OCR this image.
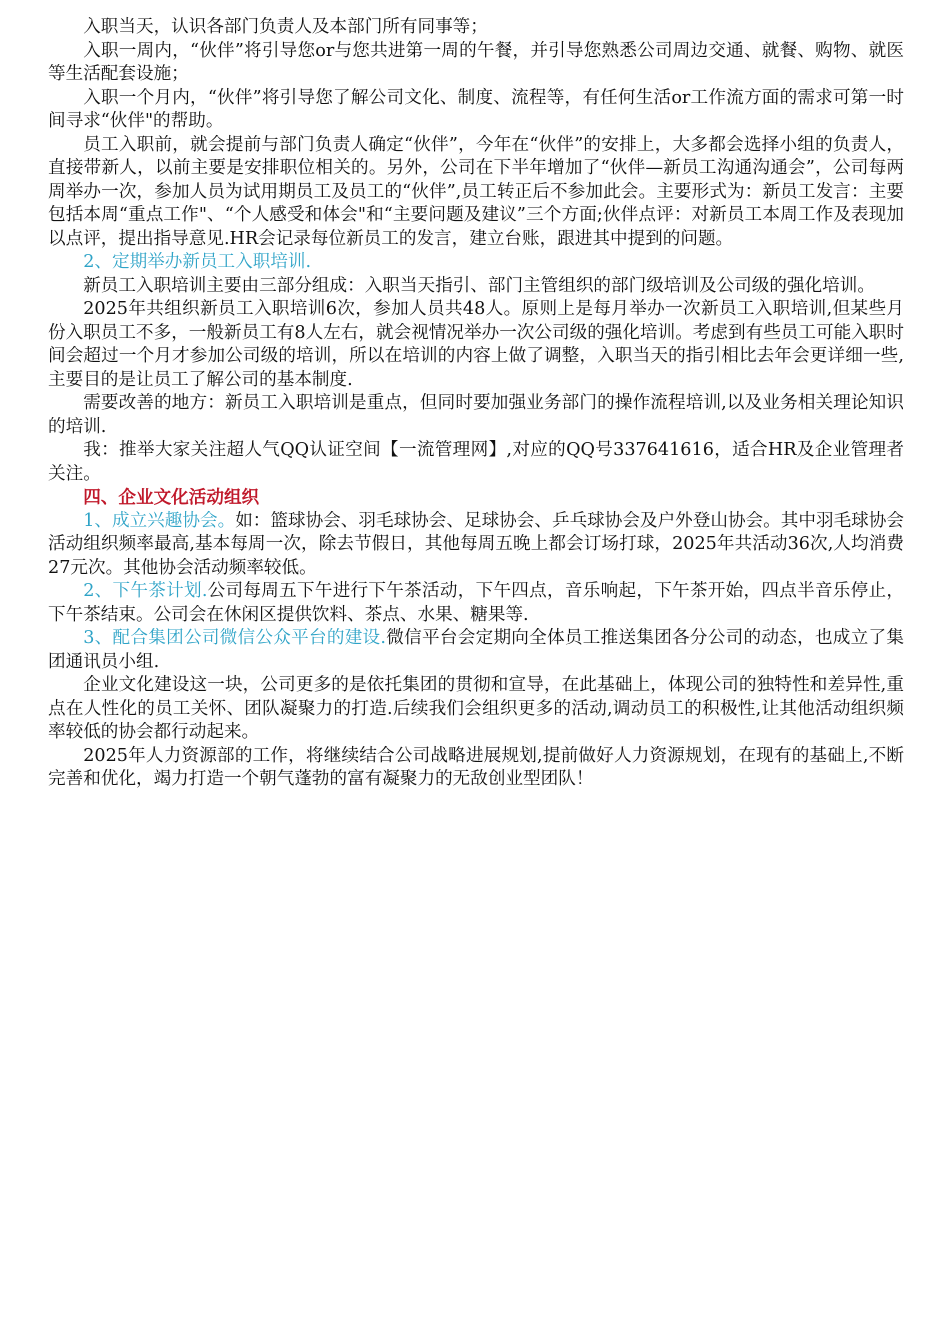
入职当天，认识各部门负责人及本部门所有同事等；

入职一周内，“伙伴”将引导您or与您共进第一周的午餐，并引导您熟悉公司周边交通、就餐、购物、就医等生活配套设施；

入职一个月内，“伙伴”将引导您了解公司文化、制度、流程等，有任何生活or工作流方面的需求可第一时间寻求“伙伴"的帮助。

员工入职前，就会提前与部门负责人确定“伙伴”，今年在“伙伴”的安排上，大多都会选择小组的负责人，直接带新人，以前主要是安排职位相关的。另外，公司在下半年增加了“伙伴—新员工沟通沟通会”，公司每两周举办一次，参加人员为试用期员工及员工的“伙伴”,员工转正后不参加此会。主要形式为：新员工发言：主要包括本周“重点工作"、“个人感受和体会"和“主要问题及建议”三个方面;伙伴点评：对新员工本周工作及表现加以点评，提出指导意见.HR会记录每位新员工的发言，建立台账，跟进其中提到的问题。

2、定期举办新员工入职培训.

新员工入职培训主要由三部分组成：入职当天指引、部门主管组织的部门级培训及公司级的强化培训。

2025年共组织新员工入职培训6次，参加人员共48人。原则上是每月举办一次新员工入职培训,但某些月份入职员工不多，一般新员工有8人左右，就会视情况举办一次公司级的强化培训。考虑到有些员工可能入职时间会超过一个月才参加公司级的培训，所以在培训的内容上做了调整，入职当天的指引相比去年会更详细一些,主要目的是让员工了解公司的基本制度.

需要改善的地方：新员工入职培训是重点，但同时要加强业务部门的操作流程培训,以及业务相关理论知识的培训.

我：推举大家关注超人气QQ认证空间【一流管理网】,对应的QQ号337641616，适合HR及企业管理者关注。

四、企业文化活动组织

1、成立兴趣协会。如：篮球协会、羽毛球协会、足球协会、乒乓球协会及户外登山协会。其中羽毛球协会活动组织频率最高,基本每周一次，除去节假日，其他每周五晚上都会订场打球，2025年共活动36次,人均消费27元次。其他协会活动频率较低。

2、下午茶计划.公司每周五下午进行下午茶活动，下午四点，音乐响起，下午茶开始，四点半音乐停止，下午茶结束。公司会在休闲区提供饮料、茶点、水果、糖果等.

3、配合集团公司微信公众平台的建设.微信平台会定期向全体员工推送集团各分公司的动态，也成立了集团通讯员小组.

企业文化建设这一块，公司更多的是依托集团的贯彻和宣导，在此基础上，体现公司的独特性和差异性,重点在人性化的员工关怀、团队凝聚力的打造.后续我们会组织更多的活动,调动员工的积极性,让其他活动组织频率较低的协会都行动起来。

2025年人力资源部的工作，将继续结合公司战略进展规划,提前做好人力资源规划，在现有的基础上,不断完善和优化，竭力打造一个朝气蓬勃的富有凝聚力的无敌创业型团队！
